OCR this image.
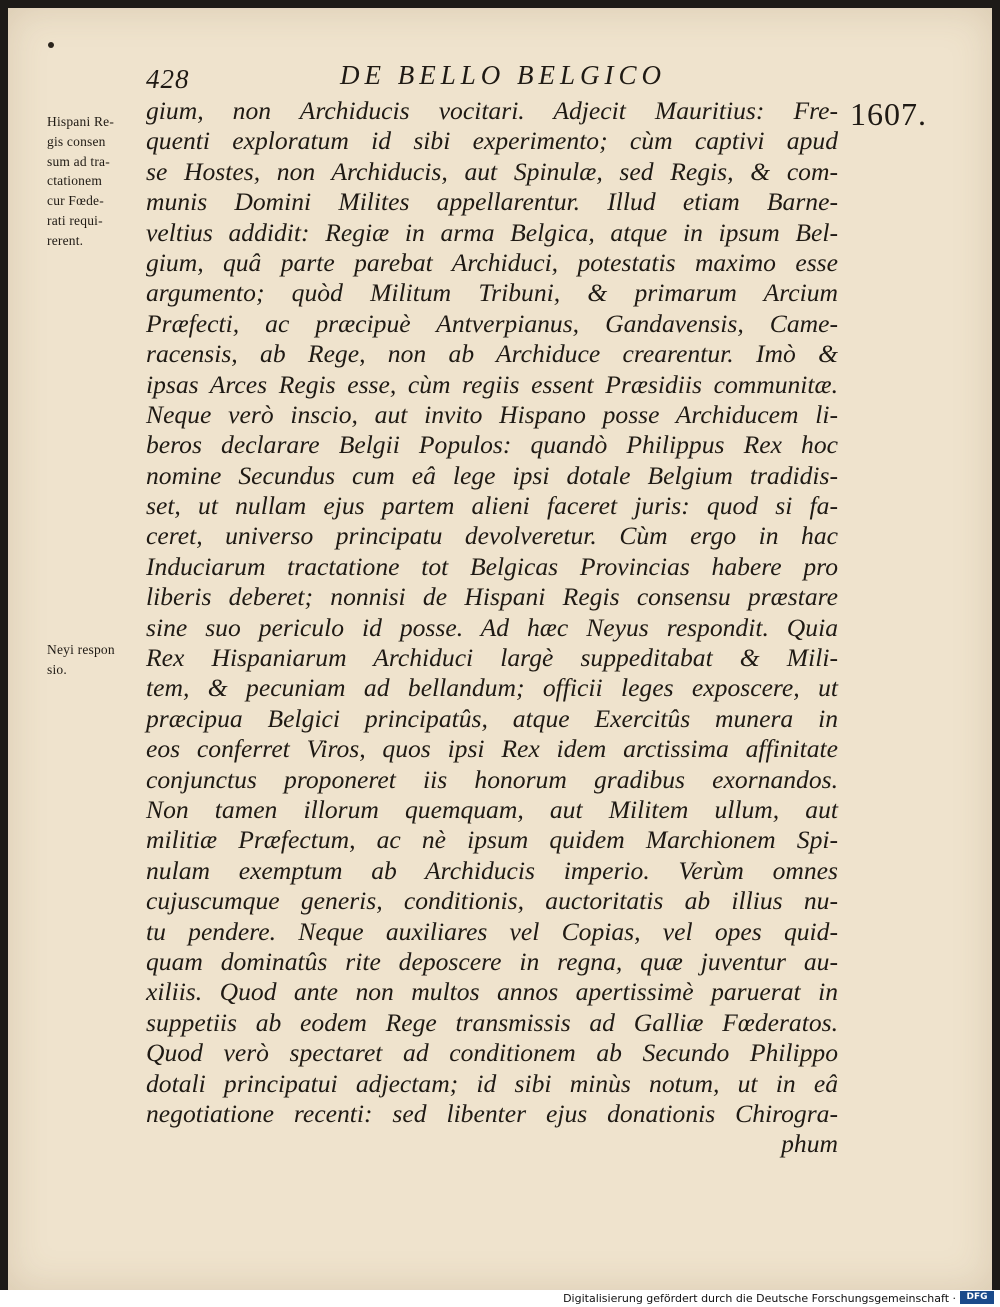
428	DE BELLO BELGICO
1607.
Hispani Re-
gis consen
sum ad tra-
ctationem
cur Fœde-
rati requi-
rerent.
Neyi respon
sio.
gium, non Archiducis vocitari. Adjecit Mauritius: Fre-
quenti exploratum id sibi experimento; cùm captivi apud
se Hostes, non Archiducis, aut Spinulæ, sed Regis, & com-
munis Domini Milites appellarentur. Illud etiam Barne-
veltius addidit: Regiæ in arma Belgica, atque in ipsum Bel-
gium, quâ parte parebat Archiduci, potestatis maximo esse
argumento; quòd Militum Tribuni, & primarum Arcium
Præfecti, ac præcipuè Antverpianus, Gandavensis, Came-
racensis, ab Rege, non ab Archiduce crearentur. Imò &
ipsas Arces Regis esse, cùm regiis essent Præsidiis communitæ.
Neque verò inscio, aut invito Hispano posse Archiducem li-
beros declarare Belgii Populos: quandò Philippus Rex hoc
nomine Secundus cum eâ lege ipsi dotale Belgium tradidis-
set, ut nullam ejus partem alieni faceret juris: quod si fa-
ceret, universo principatu devolveretur. Cùm ergo in hac
Induciarum tractatione tot Belgicas Provincias habere pro
liberis deberet; nonnisi de Hispani Regis consensu præstare
sine suo periculo id posse. Ad hæc Neyus respondit. Quia
Rex Hispaniarum Archiduci largè suppeditabat & Mili-
tem, & pecuniam ad bellandum; officii leges exposcere, ut
præcipua Belgici principatûs, atque Exercitûs munera in
eos conferret Viros, quos ipsi Rex idem arctissima affinitate
conjunctus proponeret iis honorum gradibus exornandos.
Non tamen illorum quemquam, aut Militem ullum, aut
militiæ Præfectum, ac nè ipsum quidem Marchionem Spi-
nulam exemptum ab Archiducis imperio. Verùm omnes
cujuscumque generis, conditionis, auctoritatis ab illius nu-
tu pendere. Neque auxiliares vel Copias, vel opes quid-
quam dominatûs rite deposcere in regna, quæ juventur au-
xiliis. Quod ante non multos annos apertissimè paruerat in
suppetiis ab eodem Rege transmissis ad Galliæ Fœderatos.
Quod verò spectaret ad conditionem ab Secundo Philippo
dotali principatui adjectam; id sibi minùs notum, ut in eâ
negotiatione recenti: sed libenter ejus donationis Chirogra-
phum
Digitalisierung gefördert durch die Deutsche Forschungsgemeinschaft ·	DFG
